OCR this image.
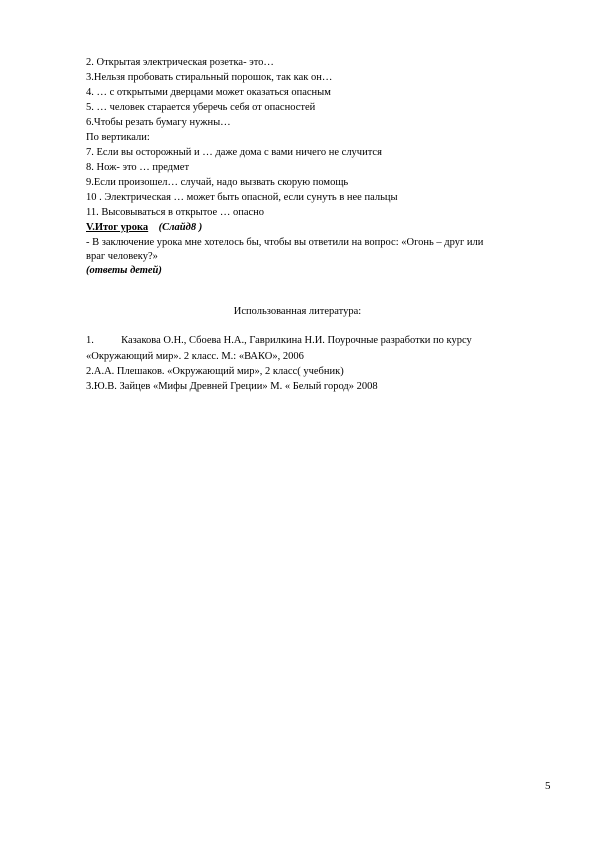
2. Открытая электрическая розетка- это…
3.Нельзя пробовать стиральный порошок, так как он…
4. … с открытыми дверцами может оказаться опасным
5. … человек старается уберечь себя от опасностей
6.Чтобы резать бумагу нужны…
По вертикали:
7. Если вы осторожный и … даже дома с вами ничего не случится
8. Нож- это … предмет
9.Если произошел… случай, надо вызвать скорую помощь
10 . Электрическая … может быть опасной, если сунуть в нее пальцы
11. Высовываться в открытое … опасно
V.Итог урока (Слайд8 )
- В заключение урока мне хотелось бы, чтобы вы ответили на вопрос: «Огонь – друг или
враг человеку?»
(ответы детей)
Использованная литература:
1.	Казакова О.Н., Сбоева Н.А., Гаврилкина Н.И. Поурочные разработки по курсу
«Окружающий мир». 2 класс. М.: «ВАКО», 2006
2.А.А. Плешаков. «Окружающий мир», 2 класс( учебник)
3.Ю.В. Зайцев «Мифы Древней Греции» М. « Белый город» 2008
5
